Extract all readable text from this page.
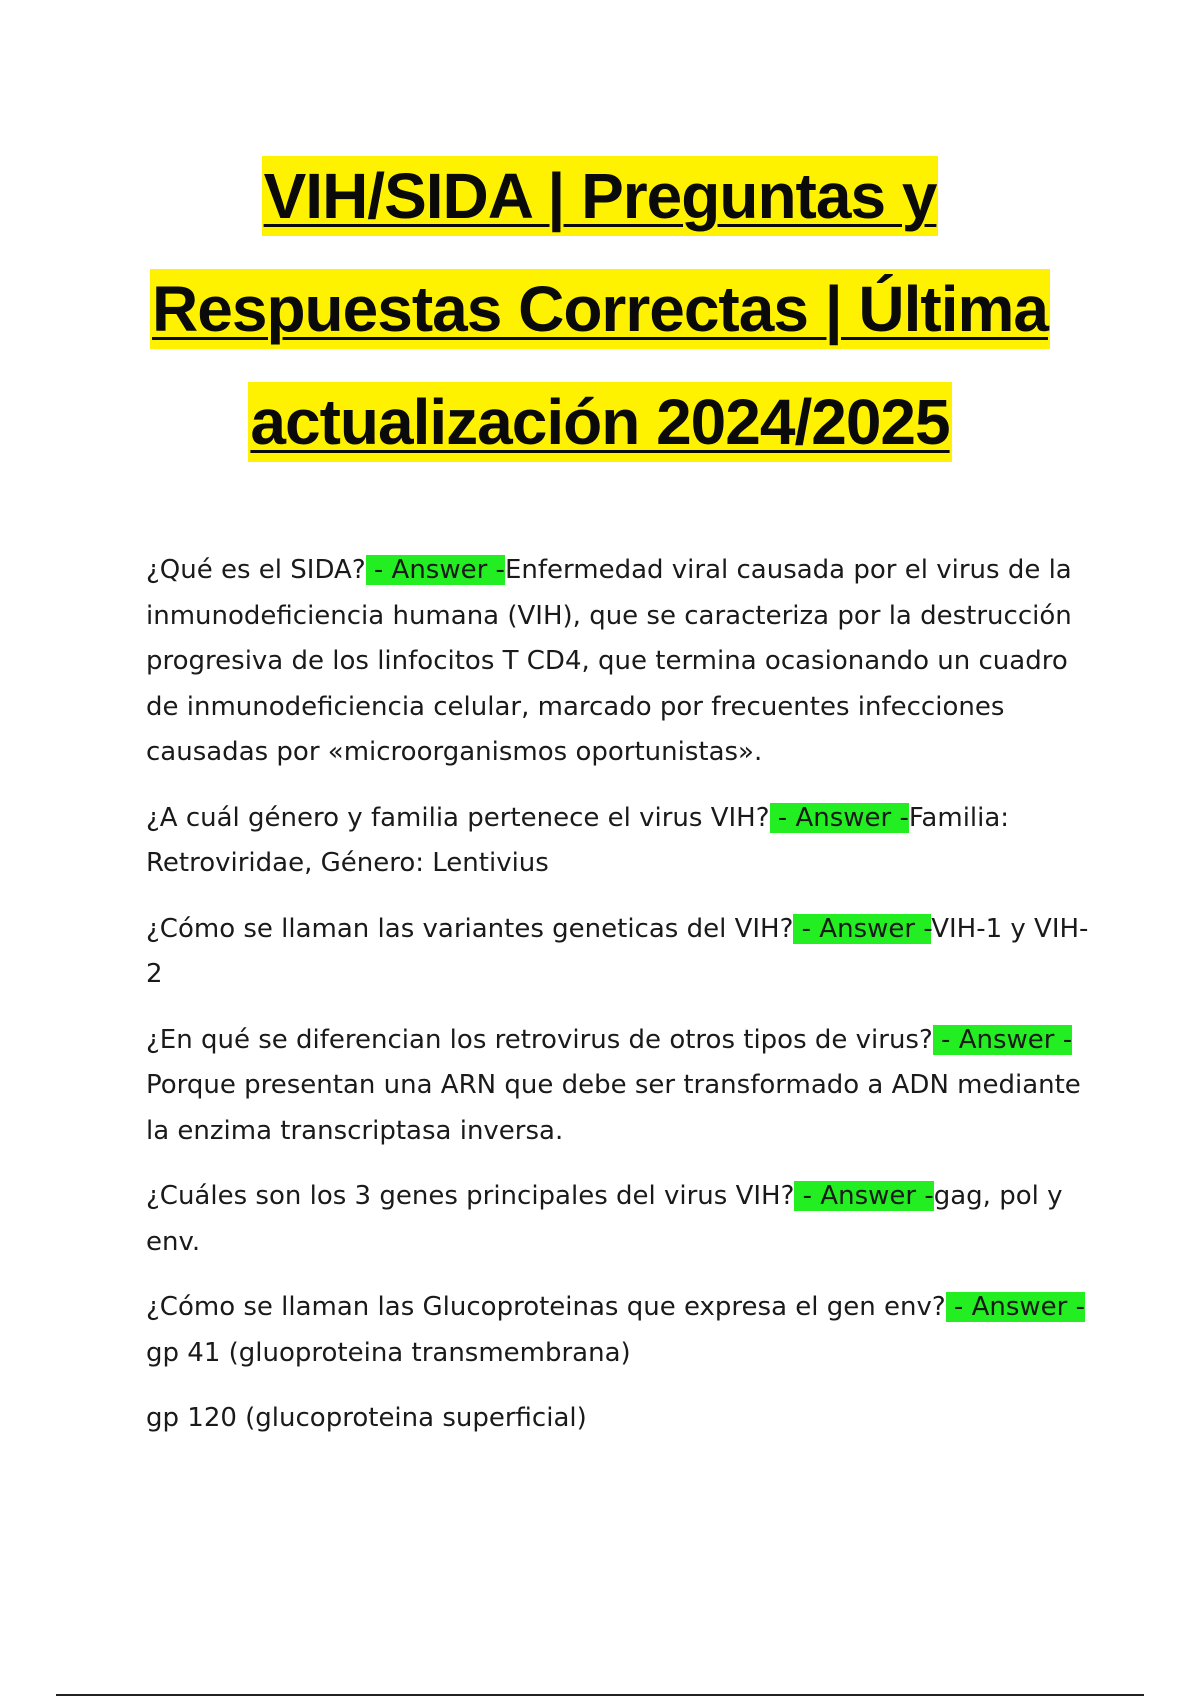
VIH/SIDA | Preguntas y
Respuestas Correctas | Última
actualización 2024/2025

¿Qué es el SIDA? - Answer -Enfermedad viral causada por el virus de la inmunodeficiencia humana (VIH), que se caracteriza por la destrucción progresiva de los linfocitos T CD4, que termina ocasionando un cuadro de inmunodeficiencia celular, marcado por frecuentes infecciones causadas por «microorganismos oportunistas».

¿A cuál género y familia pertenece el virus VIH? - Answer -Familia: Retroviridae, Género: Lentivius

¿Cómo se llaman las variantes geneticas del VIH? - Answer -VIH-1 y VIH-2

¿En qué se diferencian los retrovirus de otros tipos de virus? - Answer - Porque presentan una ARN que debe ser transformado a ADN mediante la enzima transcriptasa inversa.

¿Cuáles son los 3 genes principales del virus VIH? - Answer -gag, pol y env.

¿Cómo se llaman las Glucoproteinas que expresa el gen env? - Answer - gp 41 (gluoproteina transmembrana)

gp 120 (glucoproteina superficial)
